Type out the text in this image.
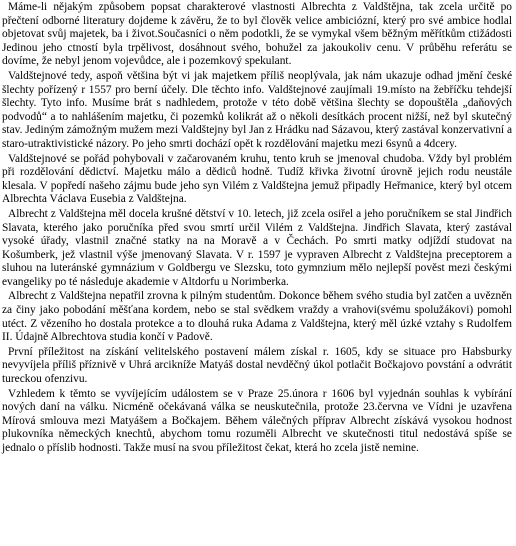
Máme-li nějakým způsobem popsat charakterové vlastnosti Albrechta z Valdštějna, tak zcela určitě po přečtení odborné literatury dojdeme k závěru, že to byl člověk velice ambiciózní, který pro své ambice hodlal objetovat svůj majetek, ba i život.Současníci o něm podotkli, že se vymykal všem běžným měřítkům ctižádosti Jedinou jeho ctností byla trpělivost, dosáhnout svého, bohužel za jakoukoliv cenu. V průběhu referátu se dovíme, že nebyl jenom vojevůdce, ale i pozemkový spekulant.

Valdštejnové tedy, aspoň většina být vi jak majetkem příliš neoplývala, jak nám ukazuje odhad jmění české šlechty pořízený r 1557 pro berní účely. Dle těchto info. Valdštejnové zaujímali 19.místo na žebříčku tehdejší šlechty. Tyto info. Musíme brát s nadhledem, protože v této době většina šlechty se dopouštěla „daňových podvodů“ a to nahlášením majetku, či pozemků kolikrát až o několi desítkách procent nižší, než byl skutečný stav. Jediným zámožným mužem mezi Valdštejny byl Jan z Hrádku nad Sázavou, který zastával konzervativní a staro-utraktivistické názory. Po jeho smrti dochází opět k rozdělování majetku mezi 6synů a 4dcery.

Valdštejnové se pořád pohybovali v začarovaném kruhu, tento kruh se jmenoval chudoba. Vždy byl problém při rozdělování dědictví. Majetku málo a dědiců hodně. Tudíž křivka životní úrovně jejich rodu neustále klesala. V popředí našeho zájmu bude jeho syn Vilém z Valdštejna jemuž připadly Heřmanice, který byl otcem Albrechta Václava Eusebia z Valdštejna.

Albrecht z Valdštejna měl docela krušné dětství v 10. letech, již zcela osiřel a jeho poručníkem se stal Jindřich Slavata, kterého jako poručníka před svou smrtí určil Vilém z Valdštejna. Jindřich Slavata, který zastával vysoké úřady, vlastnil značné statky na na Moravě a v Čechách. Po smrti matky odjíždí studovat na Košumberk, jež vlastnil výše jmenovaný Slavata. V r. 1597 je vypraven Albrecht z Valdštejna preceptorem a sluhou na luteránské gymnázium v Goldbergu ve Slezsku, toto gymnzium mělo nejlepší pověst mezi českými evangeliky po té následuje akademie v Altdorfu u Norimberka.

Albrecht z Valdštejna nepatřil zrovna k pilným studentům. Dokonce během svého studia byl zatčen a uvězněn za činy jako pobodání měšťana kordem, nebo se stal svědkem vraždy a vrahovi(svému spolužákovi) pomohl utéct. Z vězeního ho dostala protekce a to dlouhá ruka Adama z Valdštejna, který měl úzké vztahy s Rudolfem II. Údajně Albrechtova studia končí v Padově.

První příležitost na získání velitelského postavení málem získal r. 1605, kdy se situace pro Habsburky nevyvíjela příliš příznivě v Uhrá arcikníže Matyáš dostal nevděčný úkol potlačit Bočkajovo povstání a odvrátit tureckou ofenzivu.

Vzhledem k těmto se vyvíjejícím událostem se v Praze 25.února r 1606 byl vyjednán souhlas k vybírání nových daní na válku. Nicméně očekávaná válka se neuskutečnila, protože 23.června ve Vídni je uzavřena Mírová smlouva mezi Matyášem a Bočkajem. Během válečných příprav Albrecht získává vysokou hodnost plukovníka německých knechtů, abychom tomu rozuměli Albrecht ve skutečnosti titul nedostává spíše se jednalo o příslib hodnosti. Takže musí na svou příležitost čekat, která ho zcela jistě nemine.
